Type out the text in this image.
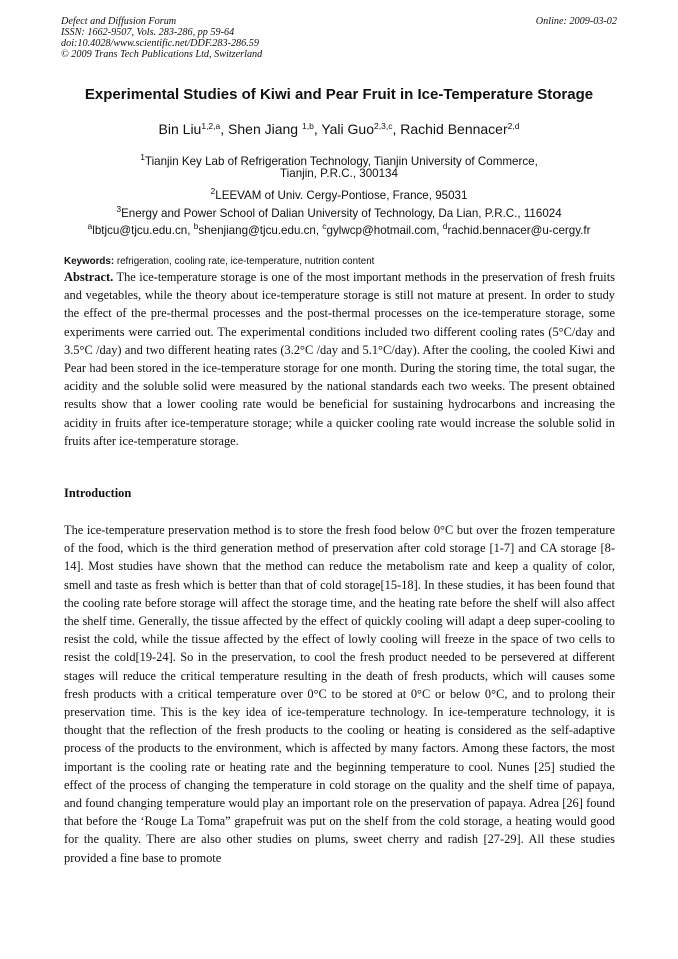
Defect and Diffusion Forum
ISSN: 1662-9507, Vols. 283-286, pp 59-64
doi:10.4028/www.scientific.net/DDF.283-286.59
© 2009 Trans Tech Publications Ltd, Switzerland
Online: 2009-03-02
Experimental Studies of Kiwi and Pear Fruit in Ice-Temperature Storage
Bin Liu$^{1,2,a}$, Shen Jiang $^{1,b}$, Yali Guo$^{2,3,c}$, Rachid Bennacer$^{2,d}$
$^1$Tianjin Key Lab of Refrigeration Technology, Tianjin University of Commerce,
Tianjin, P.R.C., 300134
$^2$LEEVAM of Univ. Cergy-Pontiose, France, 95031
$^3$Energy and Power School of Dalian University of Technology, Da Lian, P.R.C., 116024
$^a$lbtjcu@tjcu.edu.cn, $^b$shenjiang@tjcu.edu.cn, $^c$gylwcp@hotmail.com, $^d$rachid.bennacer@u-cergy.fr
Keywords: refrigeration, cooling rate, ice-temperature, nutrition content
Abstract. The ice-temperature storage is one of the most important methods in the preservation of fresh fruits and vegetables, while the theory about ice-temperature storage is still not mature at present. In order to study the effect of the pre-thermal processes and the post-thermal processes on the ice-temperature storage, some experiments were carried out. The experimental conditions included two different cooling rates (5°C/day and 3.5°C /day) and two different heating rates (3.2°C /day and 5.1°C/day). After the cooling, the cooled Kiwi and Pear had been stored in the ice-temperature storage for one month. During the storing time, the total sugar, the acidity and the soluble solid were measured by the national standards each two weeks. The present obtained results show that a lower cooling rate would be beneficial for sustaining hydrocarbons and increasing the acidity in fruits after ice-temperature storage; while a quicker cooling rate would increase the soluble solid in fruits after ice-temperature storage.
Introduction
The ice-temperature preservation method is to store the fresh food below 0°C but over the frozen temperature of the food, which is the third generation method of preservation after cold storage [1-7] and CA storage [8-14]. Most studies have shown that the method can reduce the metabolism rate and keep a quality of color, smell and taste as fresh which is better than that of cold storage[15-18]. In these studies, it has been found that the cooling rate before storage will affect the storage time, and the heating rate before the shelf will also affect the shelf time. Generally, the tissue affected by the effect of quickly cooling will adapt a deep super-cooling to resist the cold, while the tissue affected by the effect of lowly cooling will freeze in the space of two cells to resist the cold[19-24]. So in the preservation, to cool the fresh product needed to be persevered at different stages will reduce the critical temperature resulting in the death of fresh products, which will causes some fresh products with a critical temperature over 0°C to be stored at 0°C or below 0°C, and to prolong their preservation time. This is the key idea of ice-temperature technology. In ice-temperature technology, it is thought that the reflection of the fresh products to the cooling or heating is considered as the self-adaptive process of the products to the environment, which is affected by many factors. Among these factors, the most important is the cooling rate or heating rate and the beginning temperature to cool. Nunes [25] studied the effect of the process of changing the temperature in cold storage on the quality and the shelf time of papaya, and found changing temperature would play an important role on the preservation of papaya. Adrea [26] found that before the ‘Rouge La Toma” grapefruit was put on the shelf from the cold storage, a heating would good for the quality. There are also other studies on plums, sweet cherry and radish [27-29]. All these studies provided a fine base to promote
